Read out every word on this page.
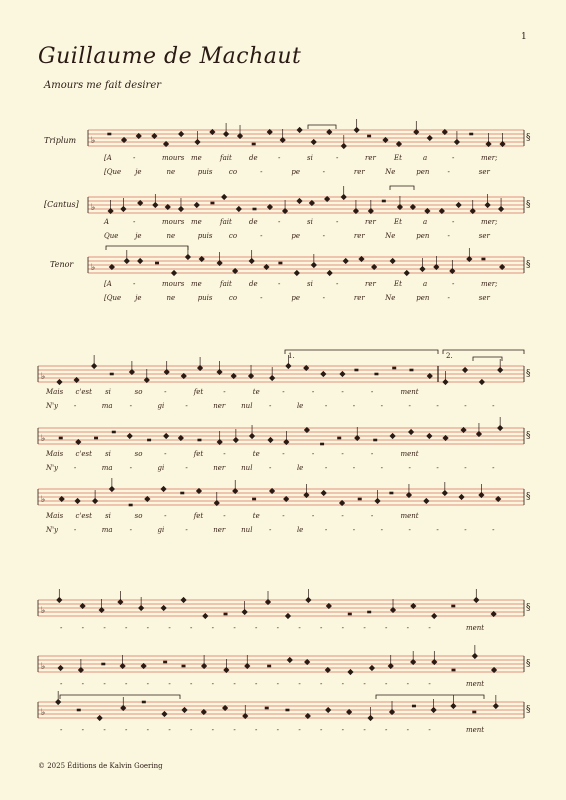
Guillaume de Machaut
Amours me fait desirer
1
© 2025 Éditions de Kalvin Goering
Triplum
[Cantus]
Tenor
♭	§
♭	§
♭	§
[A	-	mours me	fait de	-	si	-	rer	Et	a	-	mer;
[Que je	ne	puis co	-	pe	-	rer	Ne	pen	-	ser
A	-	mours me	fait de	-	si	-	rer	Et	a	-	mer;
Que je	ne	puis co	-	pe	-	rer	Ne	pen	-	ser
[A	-	mours me	fait de	-	si	-	rer	Et	a	-	mer;
[Que je	ne	puis co	-	pe	-	rer	Ne	pen	-	ser
♭	§
♭	§
♭	§
1.	2.
Mais c'est si	so	-	fet	-	te	-	-	-	-	ment
N'y -	ma -	gi	-	ner nul -	le	-	-	-	-	-	-	-
Mais c'est si	so	-	fet	-	te	-	-	-	-	ment
N'y -	ma -	gi	-	ner nul -	le	-	-	-	-	-	-	-
Mais c'est si	so	-	fet	-	te	-	-	-	-	ment
N'y -	ma -	gi	-	ner nul -	le	-	-	-	-	-	-	-
♭	§
♭	§
♭	§
-	-	-	-	-	-	-	-	-	-	-	-	-	-	-	-	-	-	ment
-	-	-	-	-	-	-	-	-	-	-	-	-	-	-	-	-	-	ment
-	-	-	-	-	-	-	-	-	-	-	-	-	-	-	-	-	-	ment
